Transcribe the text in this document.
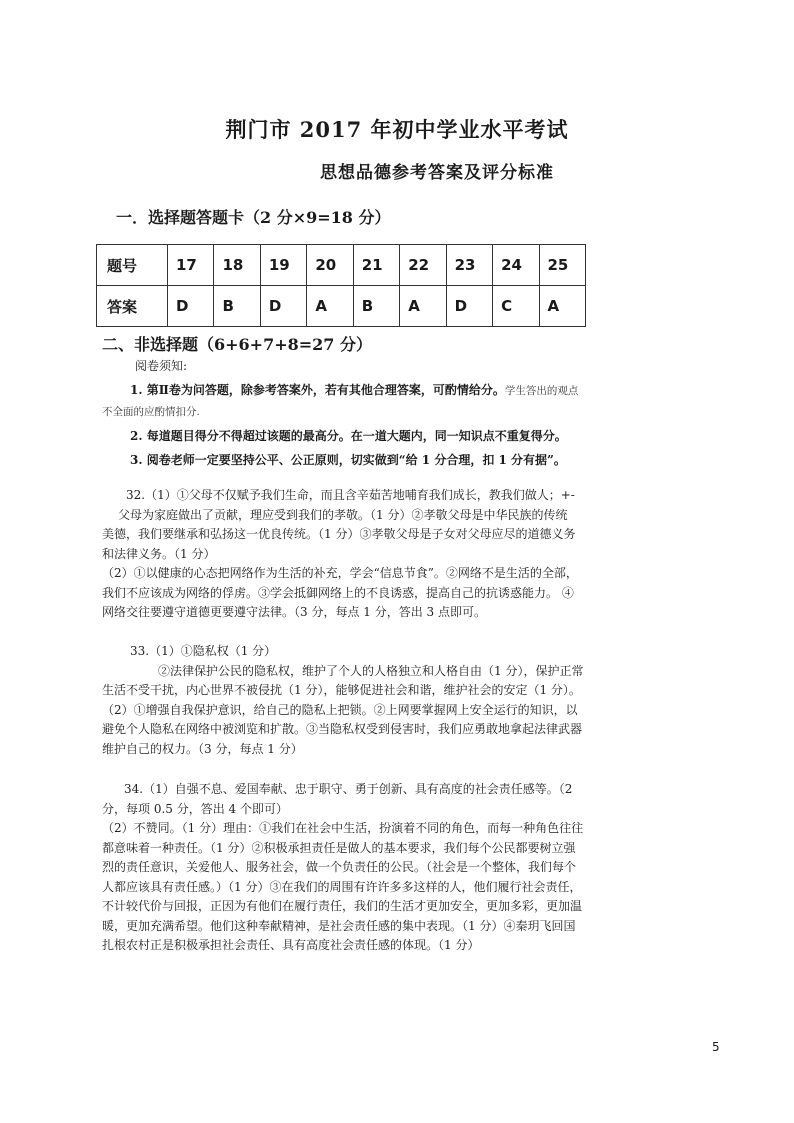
荆门市 2017 年初中学业水平考试
思想品德参考答案及评分标准
一．选择题答题卡（2 分×9=18 分）
题号	17	18	19	20	21	22	23	24	25
答案	D	B	D	A	B	A	D	C	A
二、非选择题（6+6+7+8=27 分）
阅卷须知:
1. 第Ⅱ卷为问答题，除参考答案外，若有其他合理答案，可酌情给分。学生答出的观点
不全面的应酌情扣分.
2. 每道题目得分不得超过该题的最高分。在一道大题内，同一知识点不重复得分。
3. 阅卷老师一定要坚持公平、公正原则，切实做到“给 1 分合理，扣 1 分有据”。
32.（1）①父母不仅赋予我们生命，而且含辛茹苦地哺育我们成长，教我们做人；+-
父母为家庭做出了贡献，理应受到我们的孝敬。（1 分）②孝敬父母是中华民族的传统
美德，我们要继承和弘扬这一优良传统。（1 分）③孝敬父母是子女对父母应尽的道德义务
和法律义务。（1 分）
（2）①以健康的心态把网络作为生活的补充，学会“信息节食”。②网络不是生活的全部，
我们不应该成为网络的俘虏。③学会抵御网络上的不良诱惑，提高自己的抗诱惑能力。 ④
网络交往要遵守道德更要遵守法律。（3 分，每点 1 分，答出 3 点即可。
33.（1）①隐私权（1 分）
②法律保护公民的隐私权，维护了个人的人格独立和人格自由（1 分），保护正常
生活不受干扰，内心世界不被侵扰（1 分），能够促进社会和谐，维护社会的安定（1 分）。
（2）①增强自我保护意识，给自己的隐私上把锁。②上网要掌握网上安全运行的知识，以
避免个人隐私在网络中被浏览和扩散。③当隐私权受到侵害时，我们应勇敢地拿起法律武器
维护自己的权力。（3 分，每点 1 分）
34.（1）自强不息、爱国奉献、忠于职守、勇于创新、具有高度的社会责任感等。（2
分，每项 0.5 分，答出 4 个即可）
（2）不赞同。（1 分）理由：①我们在社会中生活，扮演着不同的角色，而每一种角色往往
都意味着一种责任。（1 分）②积极承担责任是做人的基本要求，我们每个公民都要树立强
烈的责任意识，关爱他人、服务社会，做一个负责任的公民。（社会是一个整体，我们每个
人都应该具有责任感。）（1 分）③在我们的周围有许许多多这样的人，他们履行社会责任，
不计较代价与回报，正因为有他们在履行责任，我们的生活才更加安全，更加多彩，更加温
暖，更加充满希望。他们这种奉献精神，是社会责任感的集中表现。（1 分）④秦玥飞回国
扎根农村正是积极承担社会责任、具有高度社会责任感的体现。（1 分）
5
